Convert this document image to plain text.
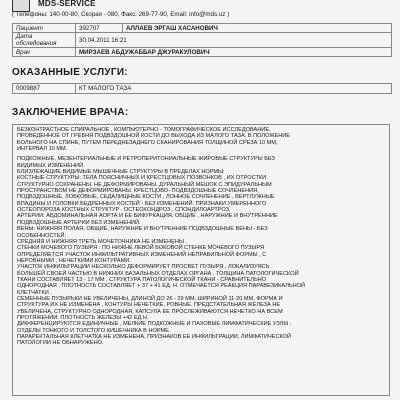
MDS-SERVICE
( Телефоны: 140-00-80, Скорая - 080, Факс: 269-77-90, Email: info@mds.uz )
Пациент	392707	АЛЛАЕВ ЭРГАШ ХАСАНОВИЧ
Дата обследования	30.04.2011 16:21	
Врач	МИРЗАЕВ АБДУЖАББАР ДЖУРАКУЛОВИЧ	
ОКАЗАННЫЕ УСЛУГИ:
0009887	КТ МАЛОГО ТАЗА
ЗАКЛЮЧЕНИЕ ВРАЧА:

БЕЗКОНТРАСТНОЕ СПИРАЛЬНОЕ , КОМПЬЮТЕРНО - ТОМОГРАФИЧЕСКОЕ ИССЛЕДОВАНИЕ,
ПРОВЕДЕННОЕ ОТ ГРЕБНЯ ПОДВЗДОШНОЙ КОСТИ ДО ВЫХОДА ИЗ МАЛОГО ТАЗА, В ПОЛОЖЕНИЕ
БОЛЬНОГО НА СПИНЕ, ПУТЕМ ПЕРЕДНЕЗАДНЕГО СКАНИРОВАНИЯ ТОЛЩИНОЙ СРЕЗА 10 ММ,
ИНТЕРВАЛ 10 ММ.

ПОДКОЖНЫЕ, МЕЗЕНТЕРИАЛЬНЫЕ И РЕТРОПЕРИТОНИАЛЬНЫЕ ЖИРОВЫЕ СТРУКТУРЫ БЕЗ
ВИДИМЫХ ИЗМЕНЕНИЙ.
БЛИЗЛЕЖАЩИЕ ВИДИМЫЕ МЫШЕЧНЫЕ СТРУКТУРЫ В ПРЕДЕЛАХ НОРМЫ:
КОСТНЫЕ СТРУКТУРЫ: ТЕЛА ПОЯСНИЧНЫХ И КРЕСТЦОВЫХ ПОЗВОНКОВ , ИХ ОТРОСТКИ
СТРУКТУРНО СОХРАНЕНЫ, НЕ ДЕФОРМИРОВАНЫ. ДУРАЛЬНЫЙ МЕШОК С ЭПИДУРАЛЬНЫМ
ПРОСТРАНСТВОМ НЕ ДЕФОРМИРОВАНЫ. КРЕСТЦОВО- ПОДВЗДОШНЫЕ СОЧЛЕНЕНИЯ,
ПОДВЗДОШНЫЕ, ЛОБКОВЫЕ, СЕДАЛИЩНЫЕ КОСТИ , ЛОННОЕ СОЧЛЕНЕНИЕ , ВЕРТЛУЖНЫЕ
ВПАДИНЫ И ГОЛОВКИ БЕДРЕННЫХ КОСТЕЙ - БЕЗ ИЗМЕНЕНИЙ. ПРИЗНАКИ УМЕРЕННОГО
ОСТЕОПОРОЗА КОСТНЫХ СТРУКТУР . ОСТЕОХОНДРОЗ , СПОНДИЛОАРТРОЗ.
АРТЕРИИ: АБДОМИНАЛЬНАЯ АОРТА И ЕЕ БИФУРКАЦИЯ, ОБЩИЕ , НАРУЖНИЕ И ВНУТРЕННИЕ
ПОДВЗДОШНЫЕ АРТЕРИИ БЕЗ ИЗМЕНЕНИЙ.
ВЕНЫ: НИЖНЯЯ ПОЛАЯ, ОБЩИЕ, НАРУЖНИЕ И ВНУТРЕННИЕ ПОДВЗДОШНЫЕ ВЕНЫ - БЕЗ
ОСОБЕННОСТЕЙ.
СРЕДНЯЯ И НИЖНЯЯ ТРЕТЬ МОЧЕТОЧНИКА НЕ ИЗМЕНЕНЫ .
СТЕНКИ МОЧЕВОГО ПУЗЫРЯ : ПО НИЖНЕ ЛЕВОЙ БОКОВОЙ СТЕНКЕ МОЧЕВОГО ПУЗЫРЯ
ОПРЕДЕЛЯЕТСЯ УЧАСТОК ИНФИЛЬТРАТИВНЫХ ИЗМЕНЕНИЙ НЕПРАВИЛЬНОЙ ФОРМЫ , С
НЕРОВНЫМИ , НЕЧЕТКИМИ КОНТУРАМИ.
УЧАСТОК ИНФИЛЬТРАЦИИ НЕСКОЛЬКО ДЕФОРМИРУЕТ ПРОСВЕТ ПУЗЫРЯ , ЛОКАЛИЗУЯСЬ
БОЛЬШЕЙ СВОЕЙ ЧАСТЬЮ В НИЖНИХ БАЗАЛЬНЫХ ОТДЕЛАХ ОРГАНА . ТОЛЩИНА ПАТОЛОГИЧЕСКОЙ
ТКАНИ СОСТАВЛЯЕТ 13 - 17 ММ . СТРУКТУРА ПАТОЛОГИЧЕСКОЙ ТКАНИ - СРАВНИТЕЛЬНО
ОДНОРОДНАЯ , ПЛОТНОСТЬ СОСТАВЛЯЕТ + 37 + 41 ЕД. Н. ОТМЕЧАЕТСЯ РЕАКЦИЯ ПАРАВЕЗИКАЛЬНОЙ
КЛЕТЧАТКИ .
СЕМЕННЫЕ ПУЗЫРЬКИ НЕ УВЕЛИЧЕНЫ, ДЛИНОЙ ДО 26 - 29 ММ, ШИРИНОЙ 11-20 ММ, ФОРМА И
СТРУКТУРА ИХ НЕ ИЗМЕНЕНА , КОНТУРЫ НЕЧЕТКИЕ, РОВНЫЕ. ПРЕДСТАТЕЛЬНАЯ ЖЕЛЕЗА НЕ
УВЕЛИЧЕНА, СТРУКТУРНО ОДНОРОДНАЯ, КАПСУЛА ЕЕ ПРОСЛЕЖИВАЮТСЯ НЕЧЕТКО НА ВСЕМ
ПРОТЯЖЕНИИ. ПЛОТНОСТЬ ЖЕЛЕЗЫ +42 ЕД Н.
ДИФФЕРЕНЦИРУЮТСЯ ЕДИНИЧНЫЕ , МЕЛКИЕ ПОДКОЖНЫЕ И ПАХОВЫЕ ЛИМФАТИЧЕСКИЕ УЗЛЫ .
ОТДЕЛЫ ТОНКОГО И ТОЛСТОГО КИШЕЧНИКА В НОРМЕ.
ПАРАРЕКТАЛЬНАЯ КЛЕТЧАТКА НЕ ИЗМЕНЕНА, ПРИЗНАКОВ ЕЕ ИНФИЛЬТРАЦИИ, ЛИМФАТИЧЕСКОЙ
ПАТОЛОГИИ НЕ ОБНАРУЖЕНО.
